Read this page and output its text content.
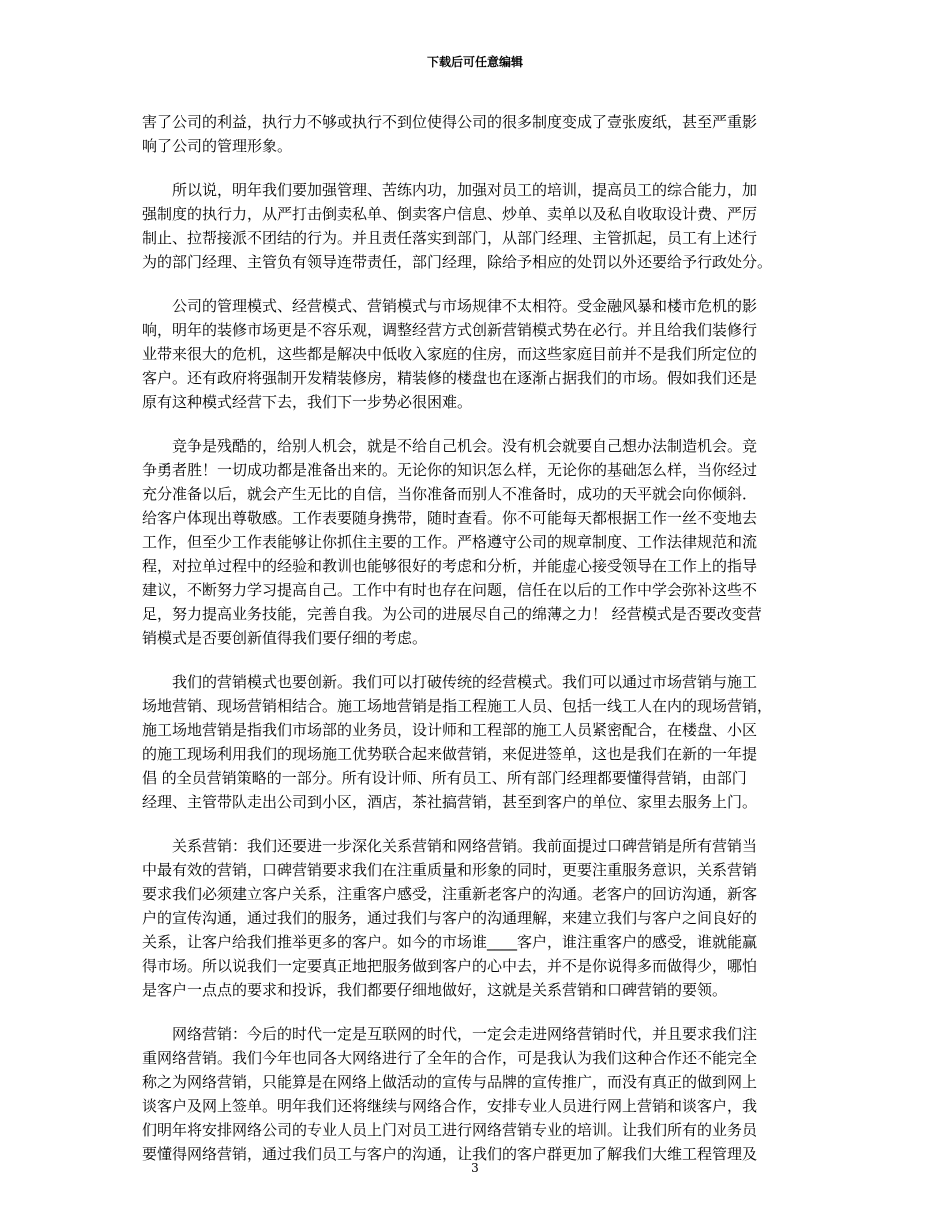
下载后可任意编辑
害了公司的利益，执行力不够或执行不到位使得公司的很多制度变成了壹张废纸，甚至严重影
响了公司的管理形象。
所以说，明年我们要加强管理、苦练内功，加强对员工的培训，提高员工的综合能力，加
强制度的执行力，从严打击倒卖私单、倒卖客户信息、炒单、卖单以及私自收取设计费、严厉
制止、拉帮接派不团结的行为。并且责任落实到部门，从部门经理、主管抓起，员工有上述行
为的部门经理、主管负有领导连带责任，部门经理，除给予相应的处罚以外还要给予行政处分。
公司的管理模式、经营模式、营销模式与市场规律不太相符。受金融风暴和楼市危机的影
响，明年的装修市场更是不容乐观，调整经营方式创新营销模式势在必行。并且给我们装修行
业带来很大的危机，这些都是解决中低收入家庭的住房，而这些家庭目前并不是我们所定位的
客户。还有政府将强制开发精装修房，精装修的楼盘也在逐渐占据我们的市场。假如我们还是
原有这种模式经营下去，我们下一步势必很困难。
竞争是残酷的，给别人机会，就是不给自己机会。没有机会就要自己想办法制造机会。竞
争勇者胜！一切成功都是准备出来的。无论你的知识怎么样，无论你的基础怎么样，当你经过
充分准备以后，就会产生无比的自信，当你准备而别人不准备时，成功的天平就会向你倾斜．
给客户体现出尊敬感。工作表要随身携带，随时查看。你不可能每天都根据工作一丝不变地去
工作，但至少工作表能够让你抓住主要的工作。严格遵守公司的规章制度、工作法律规范和流
程，对拉单过程中的经验和教训也能够很好的考虑和分析，并能虚心接受领导在工作上的指导
建议，不断努力学习提高自己。工作中有时也存在问题，信任在以后的工作中学会弥补这些不
足，努力提高业务技能，完善自我。为公司的进展尽自己的绵薄之力！ 经营模式是否要改变营
销模式是否要创新值得我们要仔细的考虑。
我们的营销模式也要创新。我们可以打破传统的经营模式。我们可以通过市场营销与施工
场地营销、现场营销相结合。施工场地营销是指工程施工人员、包括一线工人在内的现场营销，
施工场地营销是指我们市场部的业务员，设计师和工程部的施工人员紧密配合，在楼盘、小区
的施工现场利用我们的现场施工优势联合起来做营销，来促进签单，这也是我们在新的一年提
倡 的全员营销策略的一部分。所有设计师、所有员工、所有部门经理都要懂得营销，由部门
经理、主管带队走出公司到小区，酒店，茶社搞营销，甚至到客户的单位、家里去服务上门。
关系营销：我们还要进一步深化关系营销和网络营销。我前面提过口碑营销是所有营销当
中最有效的营销，口碑营销要求我们在注重质量和形象的同时，更要注重服务意识，关系营销
要求我们必须建立客户关系，注重客户感受，注重新老客户的沟通。老客户的回访沟通，新客
户的宣传沟通，通过我们的服务，通过我们与客户的沟通理解，来建立我们与客户之间良好的
关系，让客户给我们推举更多的客户。如今的市场谁____客户，谁注重客户的感受，谁就能赢
得市场。所以说我们一定要真正地把服务做到客户的心中去，并不是你说得多而做得少，哪怕
是客户一点点的要求和投诉，我们都要仔细地做好，这就是关系营销和口碑营销的要领。
网络营销：今后的时代一定是互联网的时代，一定会走进网络营销时代，并且要求我们注
重网络营销。我们今年也同各大网络进行了全年的合作，可是我认为我们这种合作还不能完全
称之为网络营销，只能算是在网络上做活动的宣传与品牌的宣传推广，而没有真正的做到网上
谈客户及网上签单。明年我们还将继续与网络合作，安排专业人员进行网上营销和谈客户，我
们明年将安排网络公司的专业人员上门对员工进行网络营销专业的培训。让我们所有的业务员
要懂得网络营销，通过我们员工与客户的沟通，让我们的客户群更加了解我们大维工程管理及
3
